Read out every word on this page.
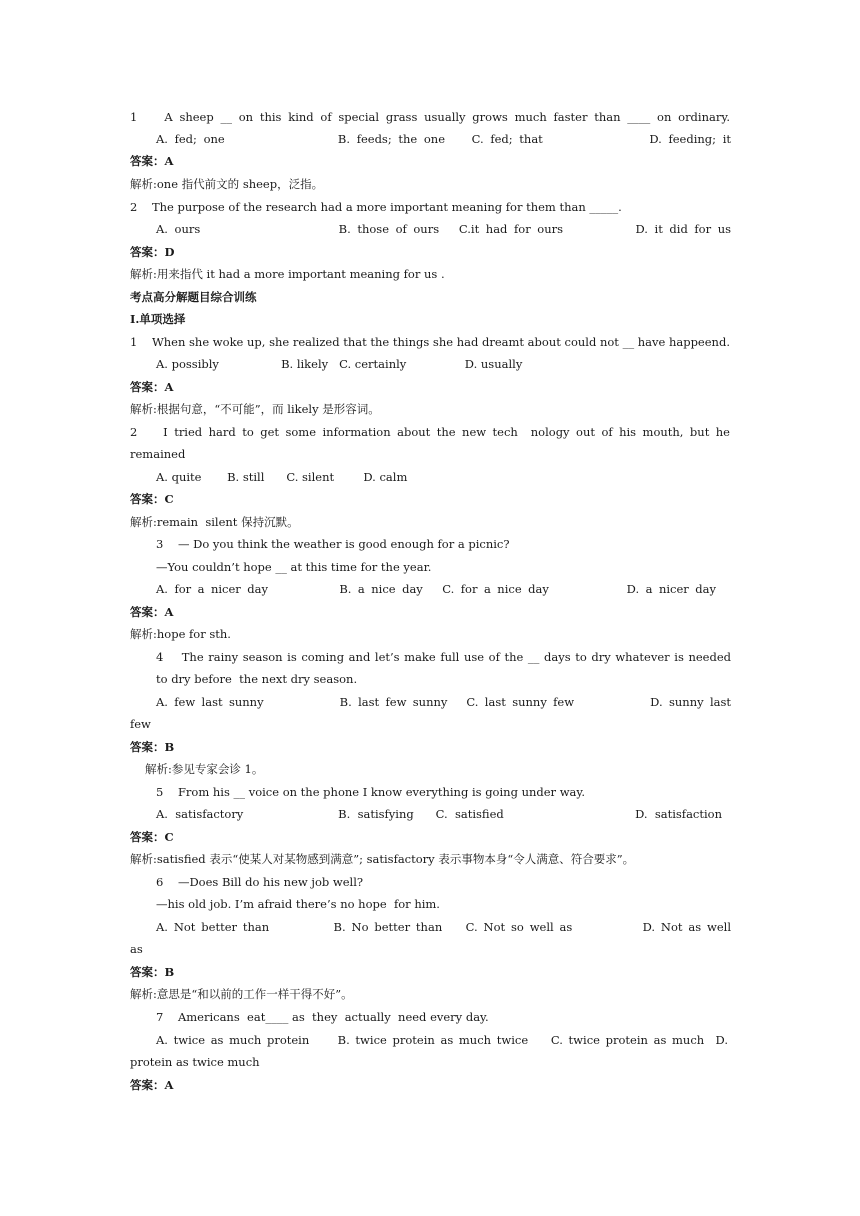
1    A sheep __ on this kind of special grass usually grows much faster than ____ on ordinary.
A. fed; one                 B. feeds; the one    C. fed; that                D. feeding; it
答案：A
解析:one 指代前文的 sheep，泛指。
2    The purpose of the research had a more important meaning for them than _____.
A. ours                     B. those of ours   C.it had for ours           D. it did for us
答案：D
解析:用来指代 it had a more important meaning for us .
考点高分解题目综合训练
I.单项选择
1    When she woke up, she realized that the things she had dreamt about could not __ have happeend.
A. possibly                 B. likely   C. certainly                D. usually
答案：A
解析:根据句意，“不可能”，而 likely 是形容词。
2    I tried hard to get some information about the new tech  nology out of his mouth, but he
remained
A. quite       B. still      C. silent        D. calm
答案：C
解析:remain  silent 保持沉默。
3    — Do you think the weather is good enough for a picnic?
—You couldn’t hope __ at this time for the year.
A. for a nicer day           B. a nice day   C. for a nice day            D. a nicer day
答案：A
解析:hope for sth.
4    The rainy season is coming and let’s make full use of the __ days to dry whatever is needed
to dry before  the next dry season.
A. few last sunny            B. last few sunny   C. last sunny few            D. sunny last
few
答案：B
解析:参见专家会诊 1。
5    From his __ voice on the phone I know everything is going under way.
A. satisfactory             B. satisfying   C. satisfied                  D. satisfaction
答案：C
解析:satisfied 表示“使某人对某物感到满意”; satisfactory 表示事物本身“令人满意、符合要求”。
6    —Does Bill do his new job well?
—his old job. I’m afraid there’s no hope  for him.
A. Not better than           B. No better than    C. Not so well as            D. Not as well
as
答案：B
解析:意思是“和以前的工作一样干得不好”。
7    Americans  eat____ as  they  actually  need every day.
A. twice as much protein     B. twice protein as much twice    C. twice protein as much  D.
protein as twice much
答案：A
